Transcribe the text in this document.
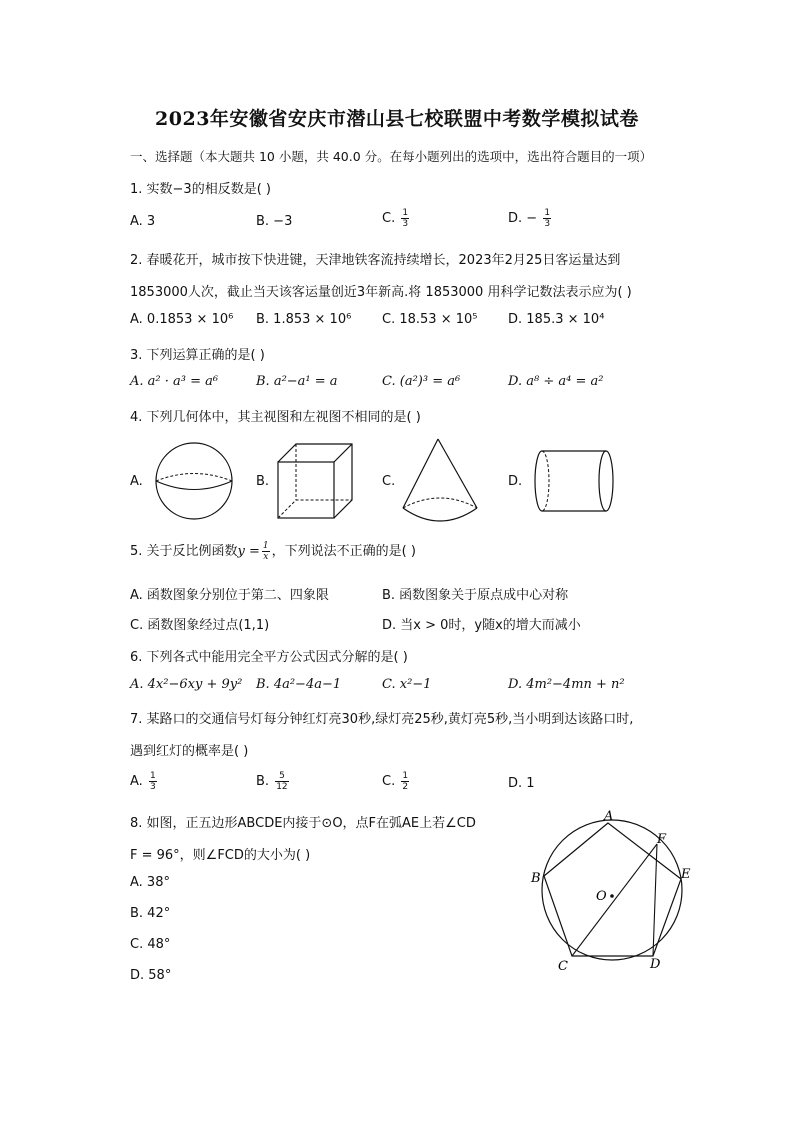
2023年安徽省安庆市潜山县七校联盟中考数学模拟试卷
一、选择题（本大题共 10 小题，共 40.0 分。在每小题列出的选项中，选出符合题目的一项）
1. 实数−3的相反数是( )
A. 3	B. −3	C. $\frac{1}{3}$	D. − $\frac{1}{3}$
2. 春暖花开，城市按下快进键，天津地铁客流持续增长，2023年2月25日客运量达到
1853000人次，截止当天该客运量创近3年新高.将 1853000 用科学记数法表示应为( )
A. 0.1853 × 10⁶ B. 1.853 × 10⁶ C. 18.53 × 10⁵ D. 185.3 × 10⁴
3. 下列运算正确的是( )
A. a² · a³ = a⁶	B. a²−a¹ = a	C. (a²)³ = a⁶	D. a⁸ ÷ a⁴ = a²
4. 下列几何体中，其主视图和左视图不相同的是( )
A.	B.	C.	D.
5. 关于反比例函数$y = \frac{1}{x}$ ，下列说法不正确的是( )
A. 函数图象分别位于第二、四象限	B. 函数图象关于原点成中心对称
C. 函数图象经过点(1,1)	D. 当x > 0时，y随x的增大而减小
6. 下列各式中能用完全平方公式因式分解的是( )
A. 4x²−6xy + 9y² B. 4a²−4a−1	C. x²−1	D. 4m²−4mn + n²
7. 某路口的交通信号灯每分钟红灯亮30秒,绿灯亮25秒,黄灯亮5秒,当小明到达该路口时,
遇到红灯的概率是( )
A. $\frac{1}{3}$	B. $\frac{5}{12}$	C. $\frac{1}{2}$	D. 1
8. 如图，正五边形ABCDE内接于⊙O，点F在弧AE上若∠CD
F = 96°，则∠FCD的大小为( )
A. 38°
B. 42°
C. 48°
D. 58°
A
B
C	D
E
F
O
